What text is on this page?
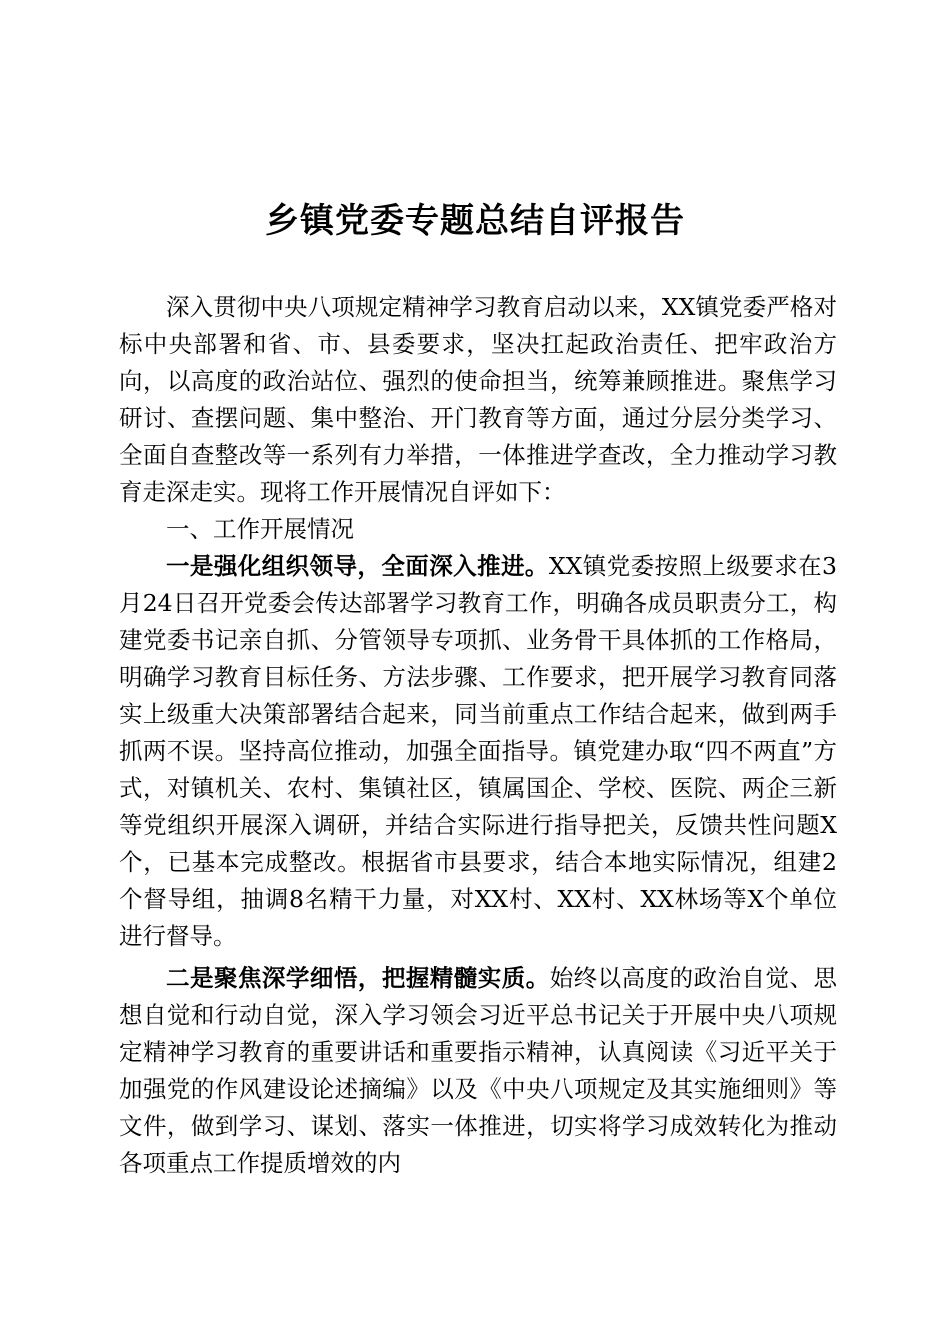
乡镇党委专题总结自评报告

深入贯彻中央八项规定精神学习教育启动以来，XX镇党委严格对标中央部署和省、市、县委要求，坚决扛起政治责任、把牢政治方向，以高度的政治站位、强烈的使命担当，统筹兼顾推进。聚焦学习研讨、查摆问题、集中整治、开门教育等方面，通过分层分类学习、全面自查整改等一系列有力举措，一体推进学查改，全力推动学习教育走深走实。现将工作开展情况自评如下：

一、工作开展情况

一是强化组织领导，全面深入推进。XX镇党委按照上级要求在3月24日召开党委会传达部署学习教育工作，明确各成员职责分工，构建党委书记亲自抓、分管领导专项抓、业务骨干具体抓的工作格局，明确学习教育目标任务、方法步骤、工作要求，把开展学习教育同落实上级重大决策部署结合起来，同当前重点工作结合起来，做到两手抓两不误。坚持高位推动，加强全面指导。镇党建办取“四不两直”方式，对镇机关、农村、集镇社区，镇属国企、学校、医院、两企三新等党组织开展深入调研，并结合实际进行指导把关，反馈共性问题X个，已基本完成整改。根据省市县要求，结合本地实际情况，组建2个督导组，抽调8名精干力量，对XX村、XX村、XX林场等X个单位进行督导。

二是聚焦深学细悟，把握精髓实质。始终以高度的政治自觉、思想自觉和行动自觉，深入学习领会习近平总书记关于开展中央八项规定精神学习教育的重要讲话和重要指示精神，认真阅读《习近平关于加强党的作风建设论述摘编》以及《中央八项规定及其实施细则》等文件，做到学习、谋划、落实一体推进，切实将学习成效转化为推动各项重点工作提质增效的内
